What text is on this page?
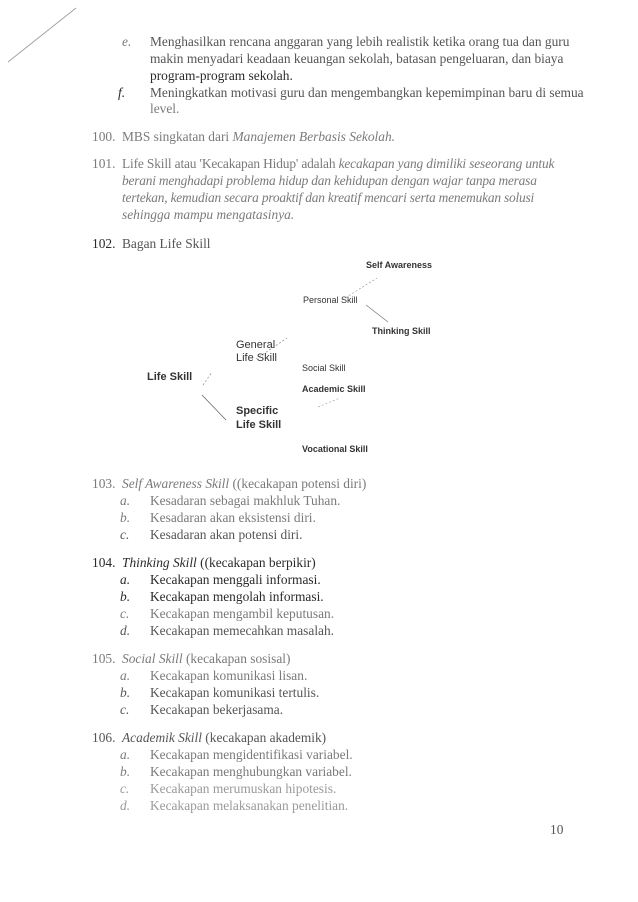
e. Menghasilkan rencana anggaran yang lebih realistik ketika orang tua dan guru
makin menyadari keadaan keuangan sekolah, batasan pengeluaran, dan biaya
program-program sekolah.
f. Meningkatkan motivasi guru dan mengembangkan kepemimpinan baru di semua
level.
100. MBS singkatan dari Manajemen Berbasis Sekolah.
101. Life Skill atau 'Kecakapan Hidup' adalah kecakapan yang dimiliki seseorang untuk
berani menghadapi problema hidup dan kehidupan dengan wajar tanpa merasa
tertekan, kemudian secara proaktif dan kreatif mencari serta menemukan solusi
sehingga mampu mengatasinya.
102. Bagan Life Skill
Self Awareness
Personal Skill
Thinking Skill
General
Life Skill
Social Skill
Life Skill
Academic Skill
Specific
Life Skill
Vocational Skill
103. Self Awareness Skill ((kecakapan potensi diri)
a. Kesadaran sebagai makhluk Tuhan.
b. Kesadaran akan eksistensi diri.
c. Kesadaran akan potensi diri.
104. Thinking Skill ((kecakapan berpikir)
a. Kecakapan menggali informasi.
b. Kecakapan mengolah informasi.
c. Kecakapan mengambil keputusan.
d. Kecakapan memecahkan masalah.
105. Social Skill (kecakapan sosisal)
a. Kecakapan komunikasi lisan.
b. Kecakapan komunikasi tertulis.
c. Kecakapan bekerjasama.
106. Academik Skill (kecakapan akademik)
a. Kecakapan mengidentifikasi variabel.
b. Kecakapan menghubungkan variabel.
c. Kecakapan merumuskan hipotesis.
d. Kecakapan melaksanakan penelitian.
10
